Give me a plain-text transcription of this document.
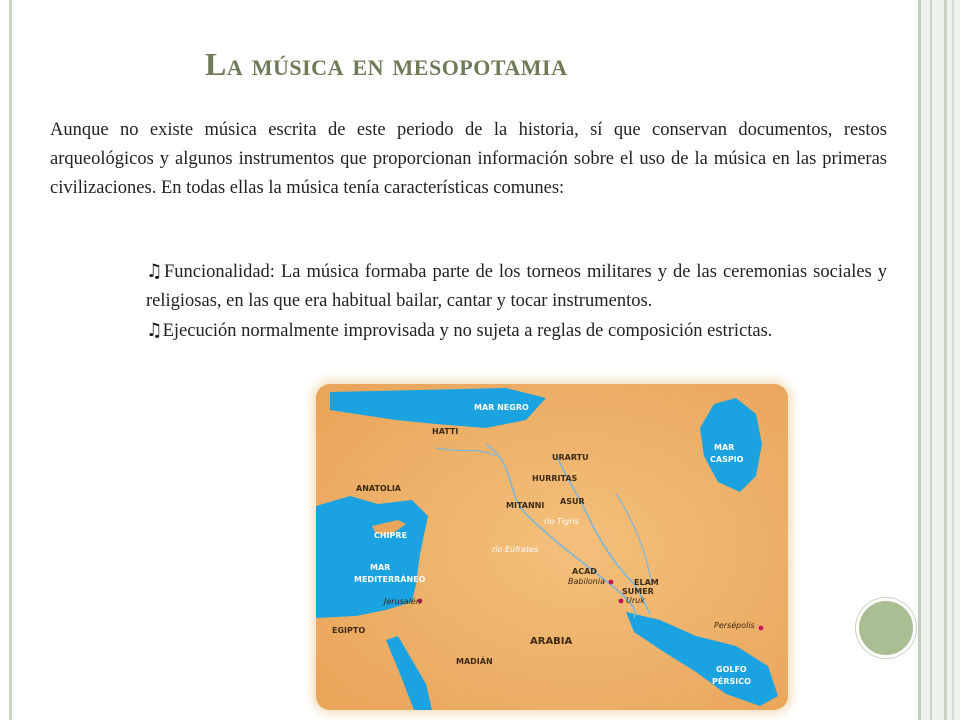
La música en mesopotamia

Aunque no existe música escrita de este periodo de la historia, sí que conservan documentos, restos arqueológicos y algunos instrumentos que proporcionan información sobre el uso de la música en las primeras civilizaciones. En todas ellas la música tenía características comunes:

♫Funcionalidad: La música formaba parte de los torneos militares y de las ceremonias sociales y religiosas, en las que era habitual bailar, cantar y tocar instrumentos.
♫Ejecución normalmente improvisada y no sujeta a reglas de composición estrictas.
MAR NEGRO
MAR
CASPIO
HATTI
URARTU
HURRITAS
ANATOLIA
MITANNI ASUR
río Tigris
CHIPRE
río Eúfrates
MAR
MEDITERRÁNEO
ACAD
Babilonia	ELAM
SUMER
Uruk
Jerusalén
EGIPTO
ARABIA
Persépolis
MADIÁN
GOLFO
PÉRSICO
